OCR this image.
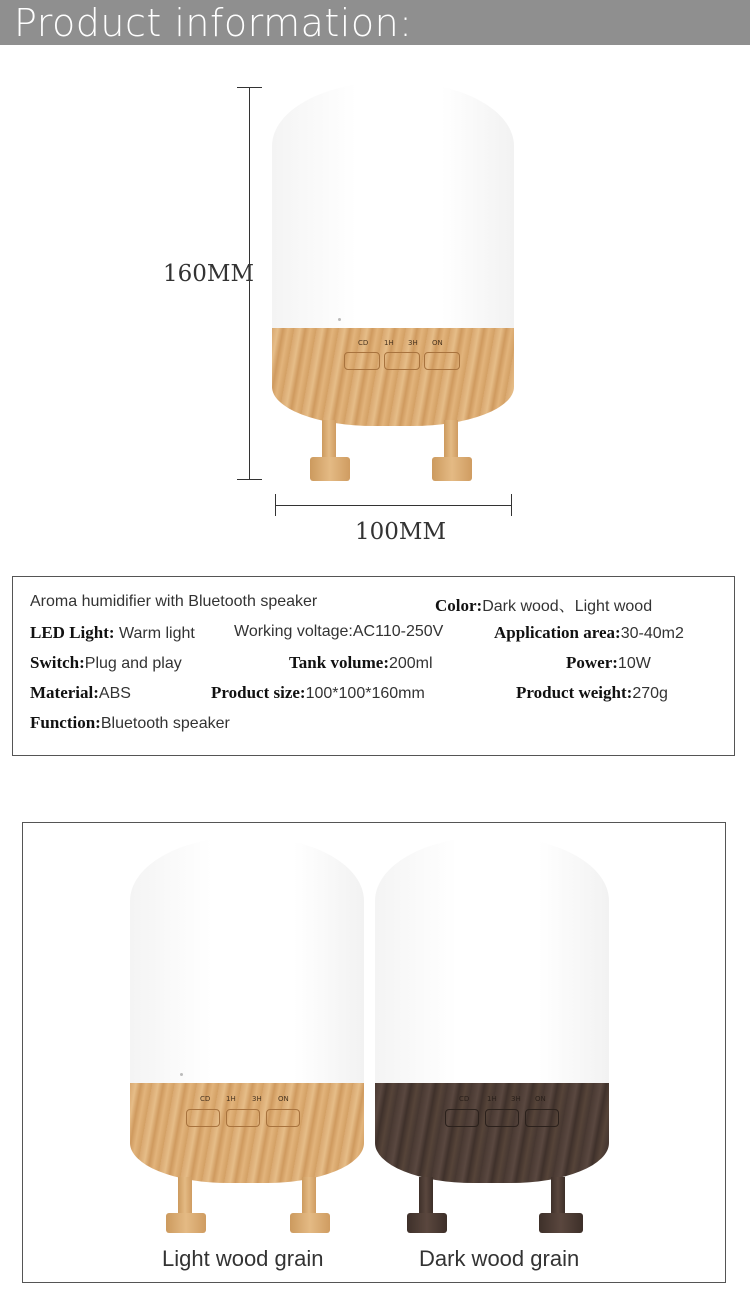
Product information:
160MM
100MM
CD 1H 3H ON
Aroma humidifier with Bluetooth speaker	Color:Dark wood、Light wood
LED Light: Warm light Working voltage:AC110-250V	Application area:30-40m2
Switch:Plug and play	Tank volume:200ml	Power:10W
Material:ABS	Product size:100*100*160mm	Product weight:270g
Function:Bluetooth speaker
CD 1H 3H ON
Light wood grain
CD	1H 3H ON
Dark wood grain
